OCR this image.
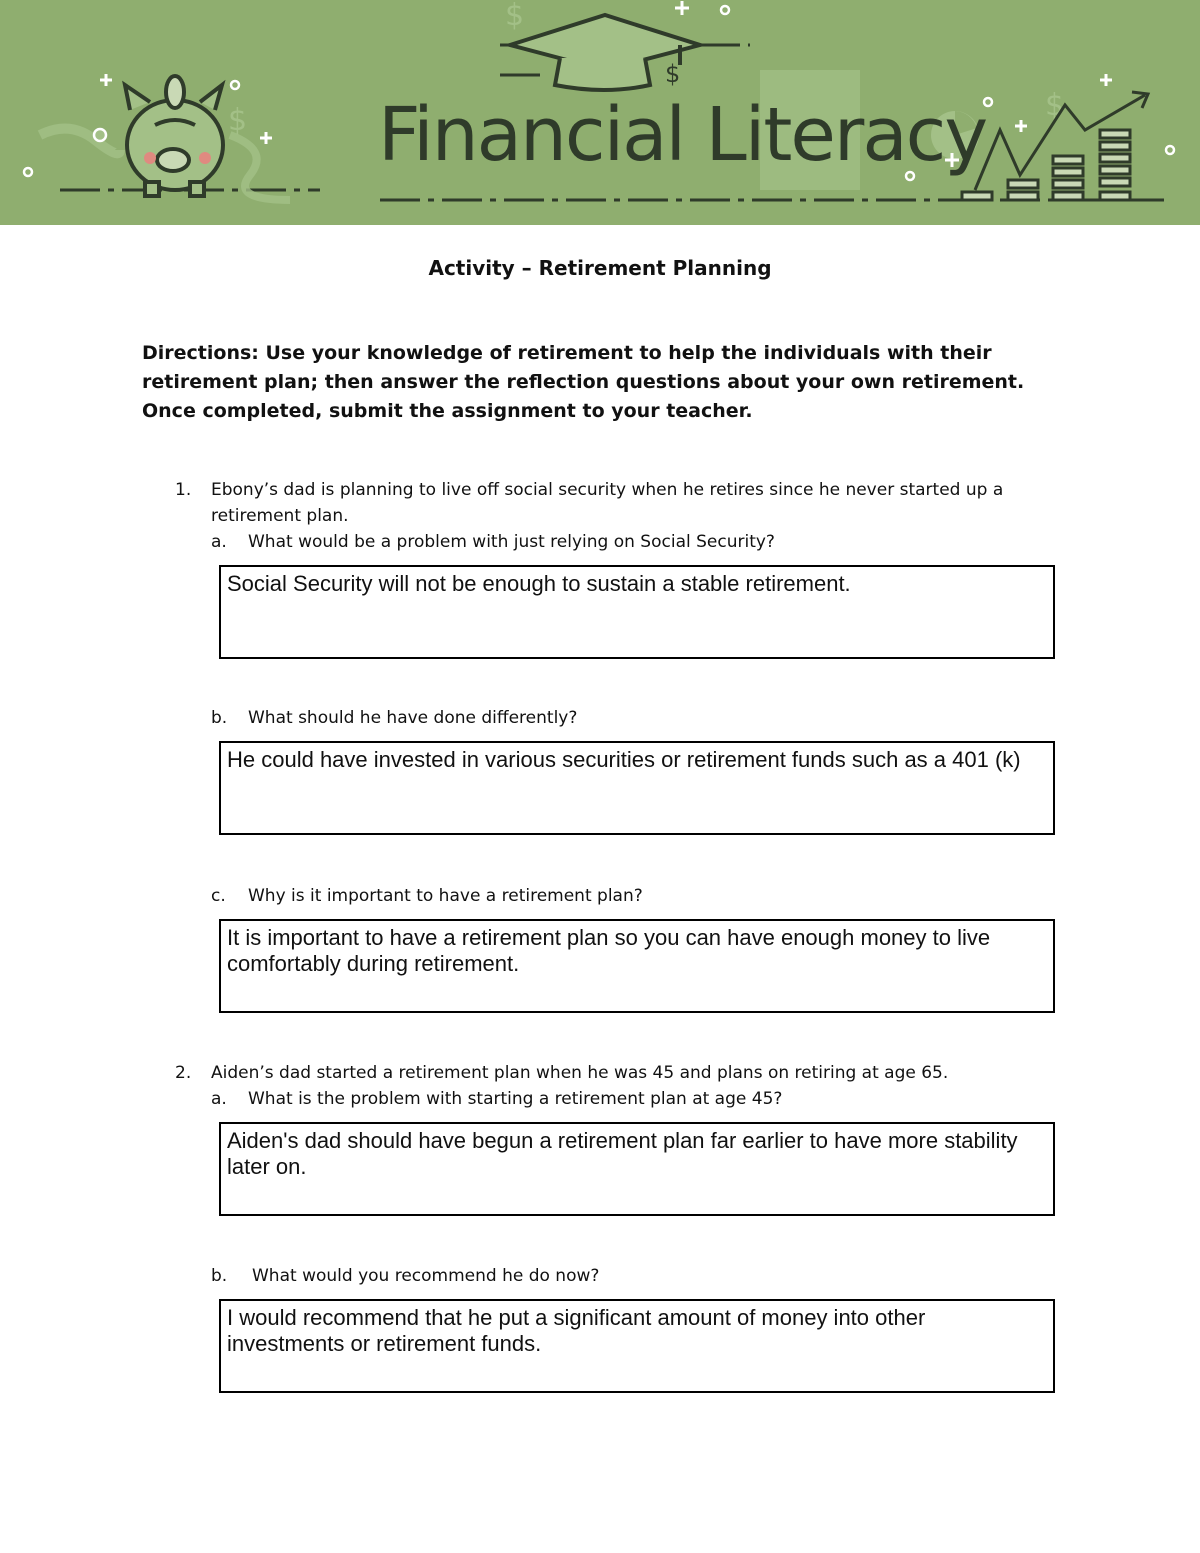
$
$	$
$
Financial Literacy
Activity – Retirement Planning

Directions: Use your knowledge of retirement to help the individuals with their retirement plan; then answer the reflection questions about your own retirement. Once completed, submit the assignment to your teacher.

1. Ebony’s dad is planning to live off social security when he retires since he never started up a retirement plan.
a. What would be a problem with just relying on Social Security?
Social Security will not be enough to sustain a stable retirement.
b. What should he have done differently?
He could have invested in various securities or retirement funds such as a 401 (k)
c. Why is it important to have a retirement plan?
It is important to have a retirement plan so you can have enough money to live comfortably during retirement.
2. Aiden’s dad started a retirement plan when he was 45 and plans on retiring at age 65.
a. What is the problem with starting a retirement plan at age 45?
Aiden's dad should have begun a retirement plan far earlier to have more stability later on.
b. What would you recommend he do now?
I would recommend that he put a significant amount of money into other investments or retirement funds.
